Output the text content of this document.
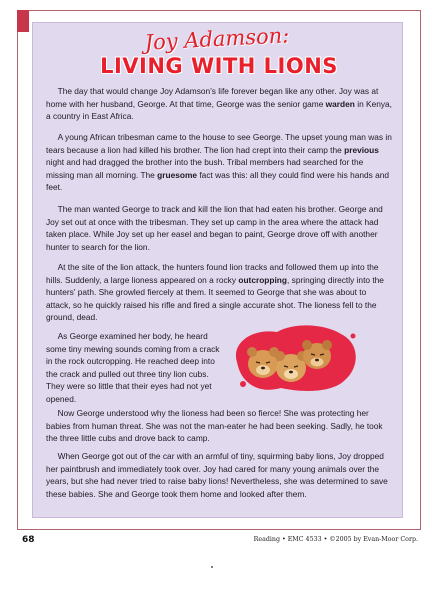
Joy Adamson:
LIVING WITH LIONS

The day that would change Joy Adamson's life forever began like any other. Joy was at home with her husband, George. At that time, George was the senior game warden in Kenya, a country in East Africa.

A young African tribesman came to the house to see George. The upset young man was in tears because a lion had killed his brother. The lion had crept into their camp the previous night and had dragged the brother into the bush. Tribal members had searched for the missing man all morning. The gruesome fact was this: all they could find were his hands and feet.

The man wanted George to track and kill the lion that had eaten his brother. George and Joy set out at once with the tribesman. They set up camp in the area where the attack had taken place. While Joy set up her easel and began to paint, George drove off with another hunter to search for the lion.

At the site of the lion attack, the hunters found lion tracks and followed them up into the hills. Suddenly, a large lioness appeared on a rocky outcropping, springing directly into the hunters' path. She growled fiercely at them. It seemed to George that she was about to attack, so he quickly raised his rifle and fired a single accurate shot. The lioness fell to the ground, dead.

As George examined her body, he heard some tiny mewing sounds coming from a crack in the rock outcropping. He reached deep into the crack and pulled out three tiny lion cubs. They were so little that their eyes had not yet opened.

Now George understood why the lioness had been so fierce! She was protecting her babies from human threat. She was not the man-eater he had been seeking. Sadly, he took the three little cubs and drove back to camp.

When George got out of the car with an armful of tiny, squirming baby lions, Joy dropped her paintbrush and immediately took over. Joy had cared for many young animals over the years, but she had never tried to raise baby lions! Nevertheless, she was determined to save these babies. She and George took them home and looked after them.

68	Reading • EMC 4533 • ©2005 by Evan-Moor Corp.
